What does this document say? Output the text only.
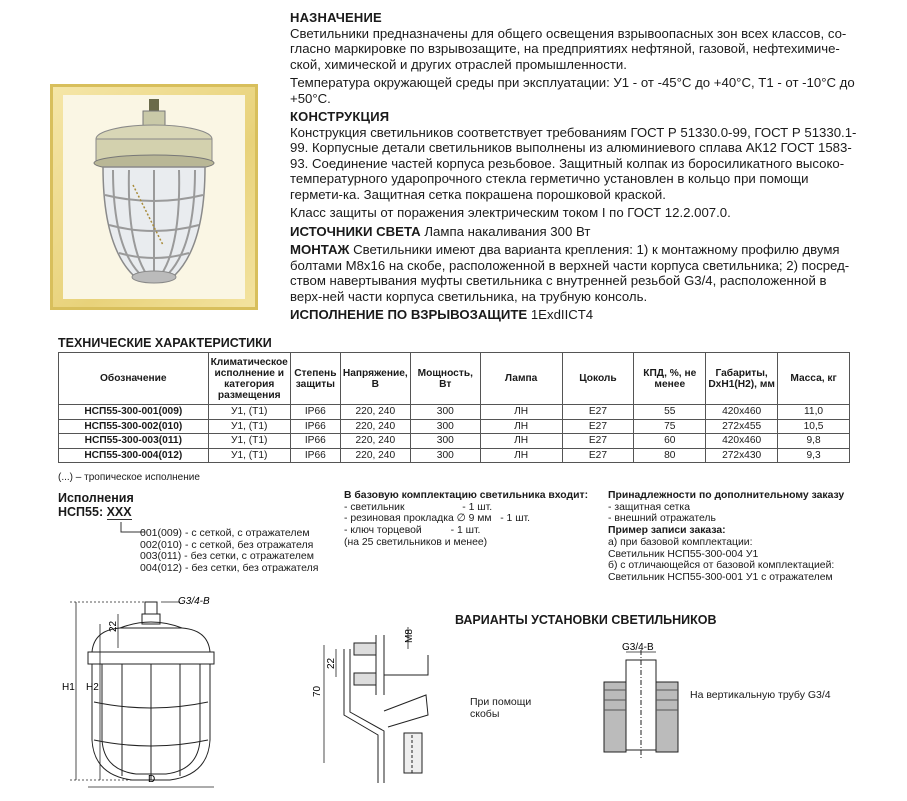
НАЗНАЧЕНИЕ

Светильники предназначены для общего освещения взрывоопасных зон всех классов, со-гласно маркировке по взрывозащите, на предприятиях нефтяной, газовой, нефтехимиче-ской, химической и других отраслей промышленности.

Температура окружающей среды при эксплуатации: У1 - от -45°С до +40°С, Т1 - от -10°С до +50°С.

КОНСТРУКЦИЯ

Конструкция светильников соответствует требованиям ГОСТ Р 51330.0-99, ГОСТ Р 51330.1-99. Корпусные детали светильников выполнены из алюминиевого сплава АК12 ГОСТ 1583-93. Соединение частей корпуса резьбовое. Защитный колпак из боросиликатного высоко-температурного ударопрочного стекла герметично установлен в кольцо при помощи гермети-ка. Защитная сетка покрашена порошковой краской.

Класс защиты от поражения электрическим током I по ГОСТ 12.2.007.0.

ИСТОЧНИКИ СВЕТА Лампа накаливания 300 Вт

МОНТАЖ Светильники имеют два варианта крепления: 1) к монтажному профилю двумя болтами М8х16 на скобе, расположенной в верхней части корпуса светильника; 2) посред-ством навертывания муфты светильника с внутренней резьбой G3/4, расположенной в верх-ней части корпуса светильника, на трубную консоль.

ИСПОЛНЕНИЕ ПО ВЗРЫВОЗАЩИТЕ 1ExdIICT4

ТЕХНИЧЕСКИЕ ХАРАКТЕРИСТИКИ
Обозначение	Климатическое исполнение и категория размещения	Степень защиты	Напряжение, В	Мощность, Вт	Лампа	Цоколь	КПД, %, не менее	Габариты, DxH1(H2), мм	Масса, кг
НСП55-300-001(009)	У1, (Т1)	IP66	220, 240	300	ЛН	Е27	55	420х460	11,0
НСП55-300-002(010)	У1, (Т1)	IP66	220, 240	300	ЛН	Е27	75	272х455	10,5
НСП55-300-003(011)	У1, (Т1)	IP66	220, 240	300	ЛН	Е27	60	420х460	9,8
НСП55-300-004(012)	У1, (Т1)	IP66	220, 240	300	ЛН	Е27	80	272х430	9,3
(...) – тропическое исполнение
Исполнения
НСП55: ХХХ
001(009) - с сеткой, с отражателем
002(010) - с сеткой, без отражателя
003(011) - без сетки, с отражателем
004(012) - без сетки, без отражателя
В базовую комплектацию светильника входит:
- светильник                    - 1 шт.
- резиновая прокладка ∅ 9 мм   - 1 шт.
- ключ торцевой          - 1 шт.
(на 25 светильников и менее)
Принадлежности по дополнительному заказу
- защитная сетка
- внешний отражатель
Пример записи заказа:
а) при базовой комплектации:
Светильник НСП55-300-004 У1
б) с отличающейся от базовой комплектацией:
Светильник НСП55-300-001 У1 с отражателем
H1 H2
22
G3/4-B
D
ВАРИАНТЫ УСТАНОВКИ СВЕТИЛЬНИКОВ
70
22
M8
При помощи скобы
G3/4-B
На вертикальную трубу G3/4
